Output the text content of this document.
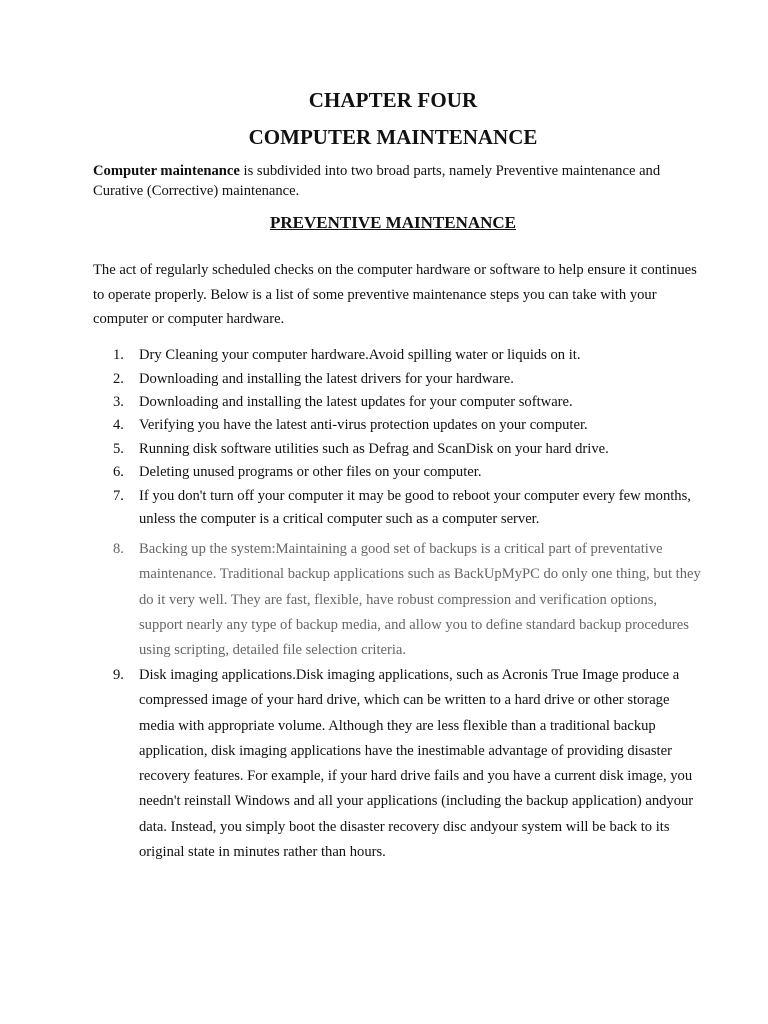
CHAPTER FOUR
COMPUTER MAINTENANCE
Computer maintenance is subdivided into two broad parts, namely Preventive maintenance and Curative (Corrective) maintenance.
PREVENTIVE MAINTENANCE
The act of regularly scheduled checks on the computer hardware or software to help ensure it continues to operate properly. Below is a list of some preventive maintenance steps you can take with your computer or computer hardware.
1.	Dry Cleaning your computer hardware.Avoid spilling water or liquids on it.
2.	Downloading and installing the latest drivers for your hardware.
3.	Downloading and installing the latest updates for your computer software.
4.	Verifying you have the latest anti-virus protection updates on your computer.
5.	Running disk software utilities such as Defrag and ScanDisk on your hard drive.
6.	Deleting unused programs or other files on your computer.
7.	If you don't turn off your computer it may be good to reboot your computer every few months, unless the computer is a critical computer such as a computer server.
8.	Backing up the system:Maintaining a good set of backups is a critical part of preventative maintenance. Traditional backup applications such as BackUpMyPC do only one thing, but they do it very well. They are fast, flexible, have robust compression and verification options, support nearly any type of backup media, and allow you to define standard backup procedures using scripting, detailed file selection criteria.
9.	Disk imaging applications.Disk imaging applications, such as Acronis True Image produce a compressed image of your hard drive, which can be written to a hard drive or other storage media with appropriate volume. Although they are less flexible than a traditional backup application, disk imaging applications have the inestimable advantage of providing disaster recovery features. For example, if your hard drive fails and you have a current disk image, you needn't reinstall Windows and all your applications (including the backup application) andyour data. Instead, you simply boot the disaster recovery disc andyour system will be back to its original state in minutes rather than hours.
